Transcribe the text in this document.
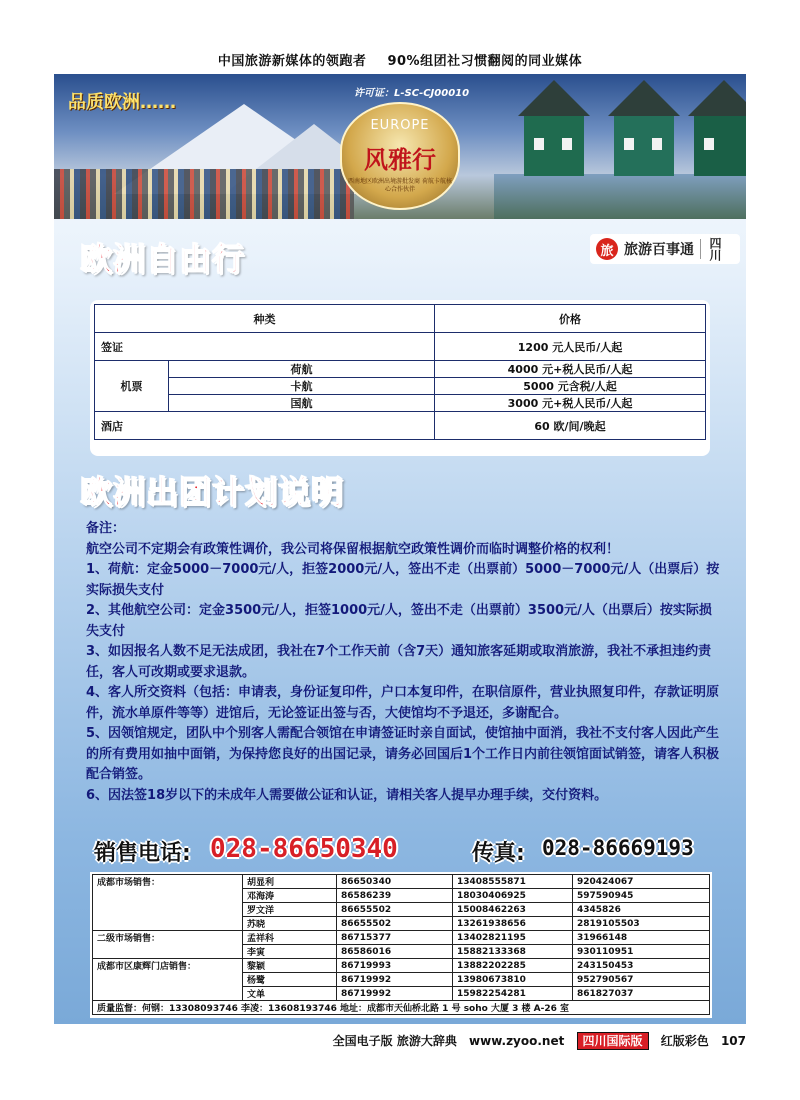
中国旅游新媒体的领跑者 90%组团社习惯翻阅的同业媒体
品质欧洲……	许可证：L-SC-CJ00010
EUROPE
风雅行
西南地区欧洲出境游批发商 荷航卡航核心合作伙伴
欧洲自由行	旅 旅游百事通 四川
种类		价格
签证		1200 元人民币/人起
机票	荷航	4000 元+税人民币/人起
	卡航	5000 元含税/人起
	国航	3000 元+税人民币/人起
酒店		60 欧/间/晚起
欧洲出团计划说明

备注：

航空公司不定期会有政策性调价，我公司将保留根据航空政策性调价而临时调整价格的权利！

1、荷航：定金5000－7000元/人，拒签2000元/人，签出不走（出票前）5000－7000元/人（出票后）按实际损失支付

2、其他航空公司：定金3500元/人，拒签1000元/人，签出不走（出票前）3500元/人（出票后）按实际损失支付

3、如因报名人数不足无法成团，我社在7个工作天前（含7天）通知旅客延期或取消旅游，我社不承担违约责任，客人可改期或要求退款。

4、客人所交资料（包括：申请表，身份证复印件，户口本复印件，在职信原件，营业执照复印件，存款证明原件，流水单原件等等）进馆后，无论签证出签与否，大使馆均不予退还，多谢配合。

5、因领馆规定，团队中个别客人需配合领馆在申请签证时亲自面试，使馆抽中面消，我社不支付客人因此产生的所有费用如抽中面销，为保持您良好的出国记录，请务必回国后1个工作日内前往领馆面试销签，请客人积极配合销签。

6、因法签18岁以下的未成年人需要做公证和认证，请相关客人提早办理手续，交付资料。

销售电话: 028-86650340	传真: 028-86669193
成都市场销售：	胡显利	86650340	13408555871	920424067
	邓海涛	86586239	18030406925	597590945
	罗文洋	86655502	15008462263	4345826
	苏晓	86655502	13261938656	2819105503
二级市场销售：	孟祥科	86715377	13402821195	31966148
	李寅	86586016	15882133368	930110951
成都市区康辉门店销售：	黎颖	86719993	13882202285	243150453
	杨鹭	86719992	13980673810	952790567
	文单	86719992	15982254281	861827037
质量监督：何钢：13308093746 李凌：13608193746 地址：成都市天仙桥北路 1 号 soho 大厦 3 楼 A-26 室				
全国电子版 旅游大辞典 www.zyoo.net 四川国际版 红版彩色 107
